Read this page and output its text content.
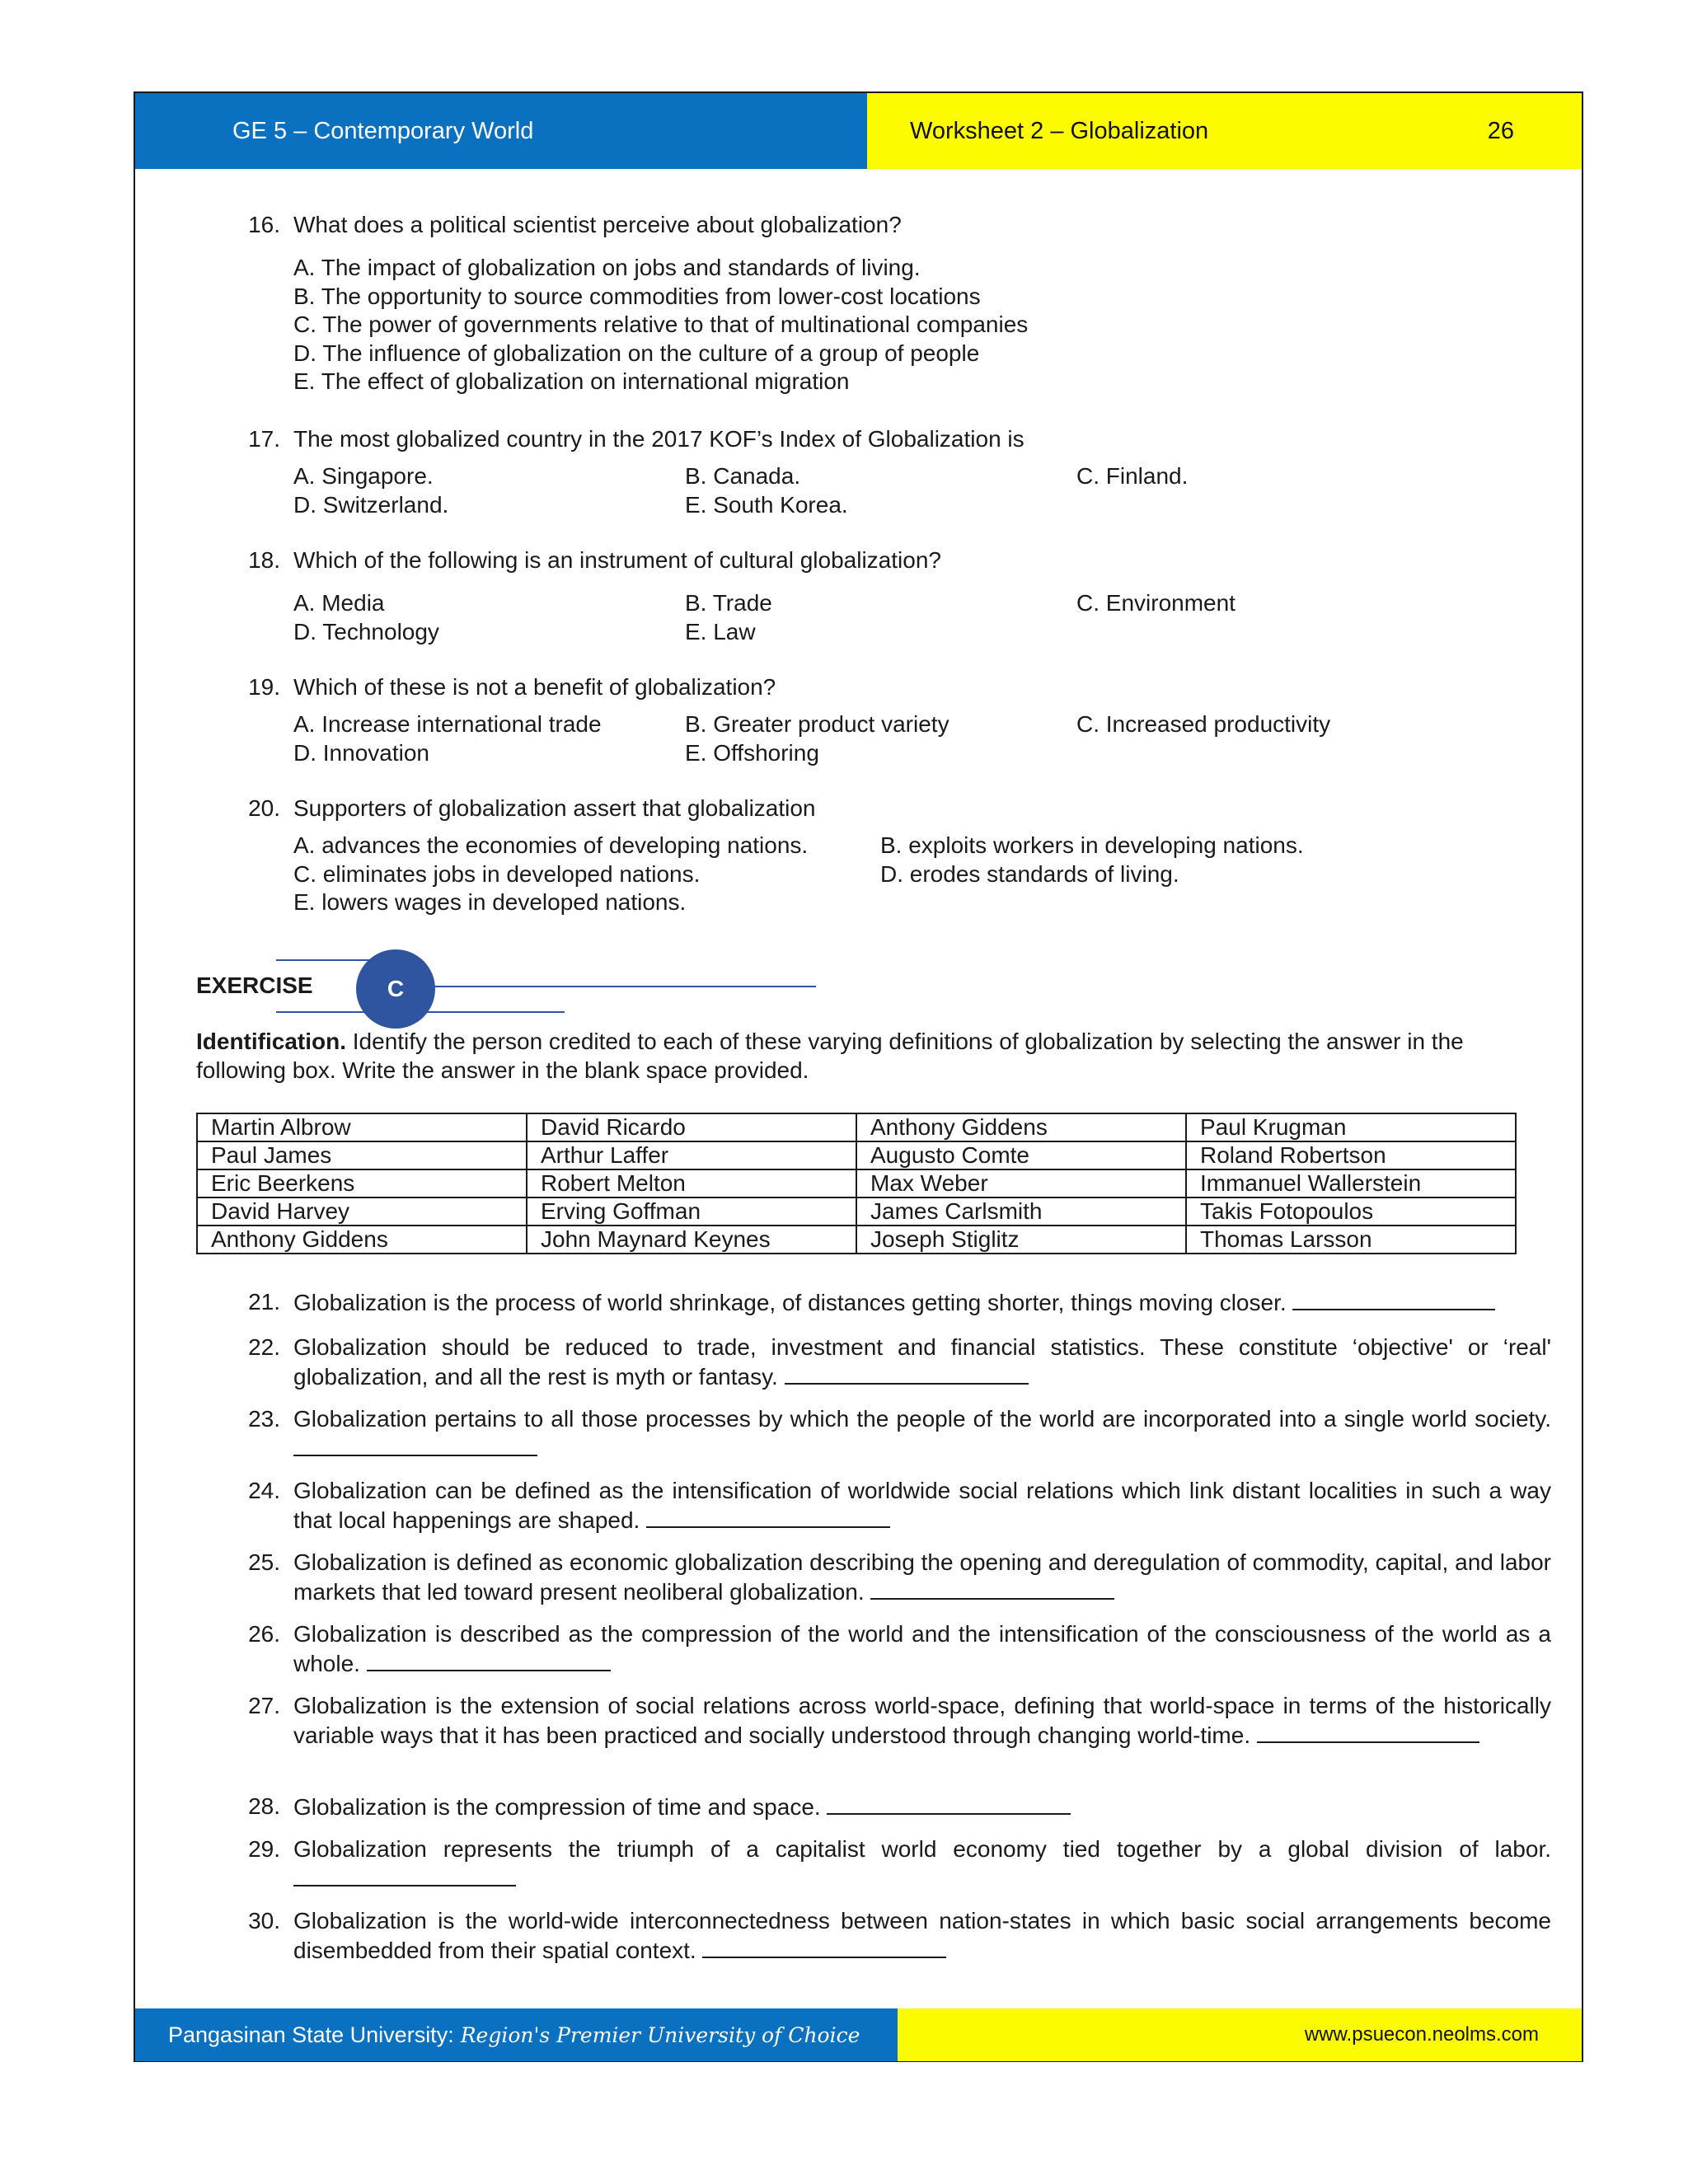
GE 5 – Contemporary World	Worksheet 2 – Globalization	26
16. What does a political scientist perceive about globalization?
A. The impact of globalization on jobs and standards of living.
B. The opportunity to source commodities from lower-cost locations
C. The power of governments relative to that of multinational companies
D. The influence of globalization on the culture of a group of people
E. The effect of globalization on international migration
17. The most globalized country in the 2017 KOF’s Index of Globalization is
A. Singapore.	B. Canada.	C. Finland.
D. Switzerland.	E. South Korea.
18. Which of the following is an instrument of cultural globalization?
A. Media	B. Trade	C. Environment
D. Technology	E. Law
19. Which of these is not a benefit of globalization?
A. Increase international trade	B. Greater product variety	C. Increased productivity
D. Innovation	E. Offshoring
20. Supporters of globalization assert that globalization
A. advances the economies of developing nations.	B. exploits workers in developing nations.
C. eliminates jobs in developed nations.	D. erodes standards of living.
E. lowers wages in developed nations.
EXERCISE	C
Identification. Identify the person credited to each of these varying definitions of globalization by selecting the answer in the following box. Write the answer in the blank space provided.
Martin Albrow	David Ricardo	Anthony Giddens	Paul Krugman
Paul James	Arthur Laffer	Augusto Comte	Roland Robertson
Eric Beerkens	Robert Melton	Max Weber	Immanuel Wallerstein
David Harvey	Erving Goffman	James Carlsmith	Takis Fotopoulos
Anthony Giddens	John Maynard Keynes	Joseph Stiglitz	Thomas Larsson
21. Globalization is the process of world shrinkage, of distances getting shorter, things moving closer.
22. Globalization should be reduced to trade, investment and financial statistics. These constitute ‘objective' or ‘real' globalization, and all the rest is myth or fantasy.
23. Globalization pertains to all those processes by which the people of the world are incorporated into a single world society.
24. Globalization can be defined as the intensification of worldwide social relations which link distant localities in such a way that local happenings are shaped.
25. Globalization is defined as economic globalization describing the opening and deregulation of commodity, capital, and labor markets that led toward present neoliberal globalization.
26. Globalization is described as the compression of the world and the intensification of the consciousness of the world as a whole.
27. Globalization is the extension of social relations across world-space, defining that world-space in terms of the historically variable ways that it has been practiced and socially understood through changing world-time.
28. Globalization is the compression of time and space.
29. Globalization represents the triumph of a capitalist world economy tied together by a global division of labor.
30. Globalization is the world-wide interconnectedness between nation-states in which basic social arrangements become disembedded from their spatial context.
Pangasinan State University: Region's Premier University of Choice	www.psuecon.neolms.com
